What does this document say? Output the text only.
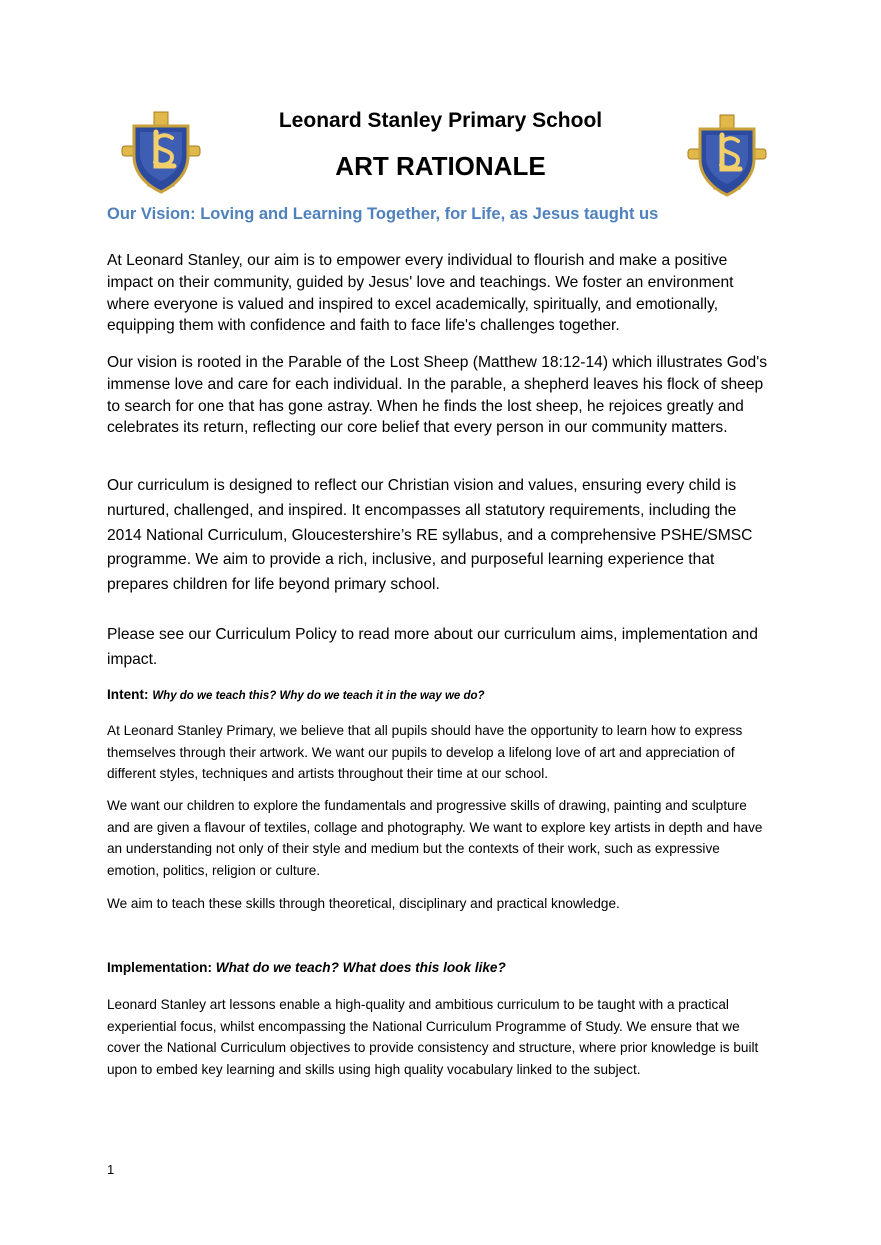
Leonard Stanley Primary School
ART RATIONALE

Our Vision: Loving and Learning Together, for Life, as Jesus taught us

At Leonard Stanley, our aim is to empower every individual to flourish and make a positive impact on their community, guided by Jesus' love and teachings. We foster an environment where everyone is valued and inspired to excel academically, spiritually, and emotionally, equipping them with confidence and faith to face life's challenges together.

Our vision is rooted in the Parable of the Lost Sheep (Matthew 18:12-14) which illustrates God's immense love and care for each individual. In the parable, a shepherd leaves his flock of sheep to search for one that has gone astray. When he finds the lost sheep, he rejoices greatly and celebrates its return, reflecting our core belief that every person in our community matters.

Our curriculum is designed to reflect our Christian vision and values, ensuring every child is nurtured, challenged, and inspired. It encompasses all statutory requirements, including the 2014 National Curriculum, Gloucestershire’s RE syllabus, and a comprehensive PSHE/SMSC programme. We aim to provide a rich, inclusive, and purposeful learning experience that prepares children for life beyond primary school.

Please see our Curriculum Policy to read more about our curriculum aims, implementation and impact.

Intent: Why do we teach this? Why do we teach it in the way we do?

At Leonard Stanley Primary, we believe that all pupils should have the opportunity to learn how to express themselves through their artwork. We want our pupils to develop a lifelong love of art and appreciation of different styles, techniques and artists throughout their time at our school.

We want our children to explore the fundamentals and progressive skills of drawing, painting and sculpture and are given a flavour of textiles, collage and photography. We want to explore key artists in depth and have an understanding not only of their style and medium but the contexts of their work, such as expressive emotion, politics, religion or culture.

We aim to teach these skills through theoretical, disciplinary and practical knowledge.

Implementation: What do we teach? What does this look like?

Leonard Stanley art lessons enable a high-quality and ambitious curriculum to be taught with a practical experiential focus, whilst encompassing the National Curriculum Programme of Study. We ensure that we cover the National Curriculum objectives to provide consistency and structure, where prior knowledge is built upon to embed key learning and skills using high quality vocabulary linked to the subject.

1
